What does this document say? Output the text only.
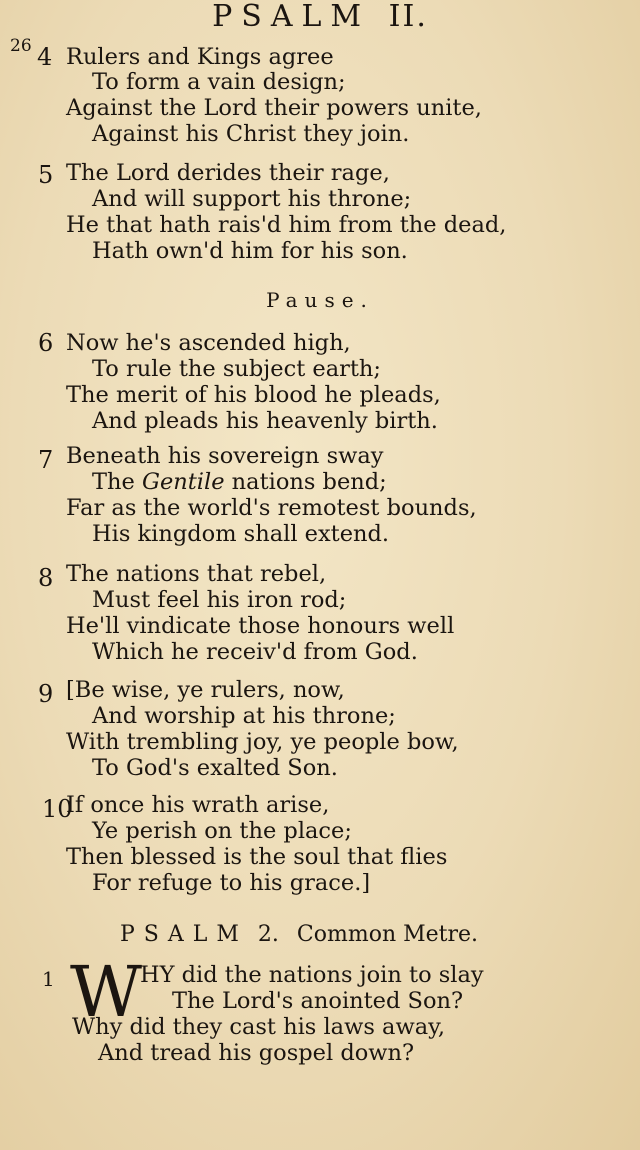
PSALM II.
26 4 Rulers and Kings agree
To form a vain design;
Against the Lord their powers unite,
Against his Christ they join.
5 The Lord derides their rage,
And will support his throne;
He that hath rais'd him from the dead,
Hath own'd him for his son.
Pause.
6 Now he's ascended high,
To rule the subject earth;
The merit of his blood he pleads,
And pleads his heavenly birth.
7 Beneath his sovereign sway
The Gentile nations bend;
Far as the world's remotest bounds,
His kingdom shall extend.
8 The nations that rebel,
Must feel his iron rod;
He'll vindicate those honours well
Which he receiv'd from God.
9 [Be wise, ye rulers, now,
And worship at his throne;
With trembling joy, ye people bow,
To God's exalted Son.
10
If once his wrath arise,
Ye perish on the place;
Then blessed is the soul that flies
For refuge to his grace.]
PSALM 2. Common Metre.
1	HY did the nations join to slay
The Lord's anointed Son?
Why did they cast his laws away,
And tread his gospel down?
W
